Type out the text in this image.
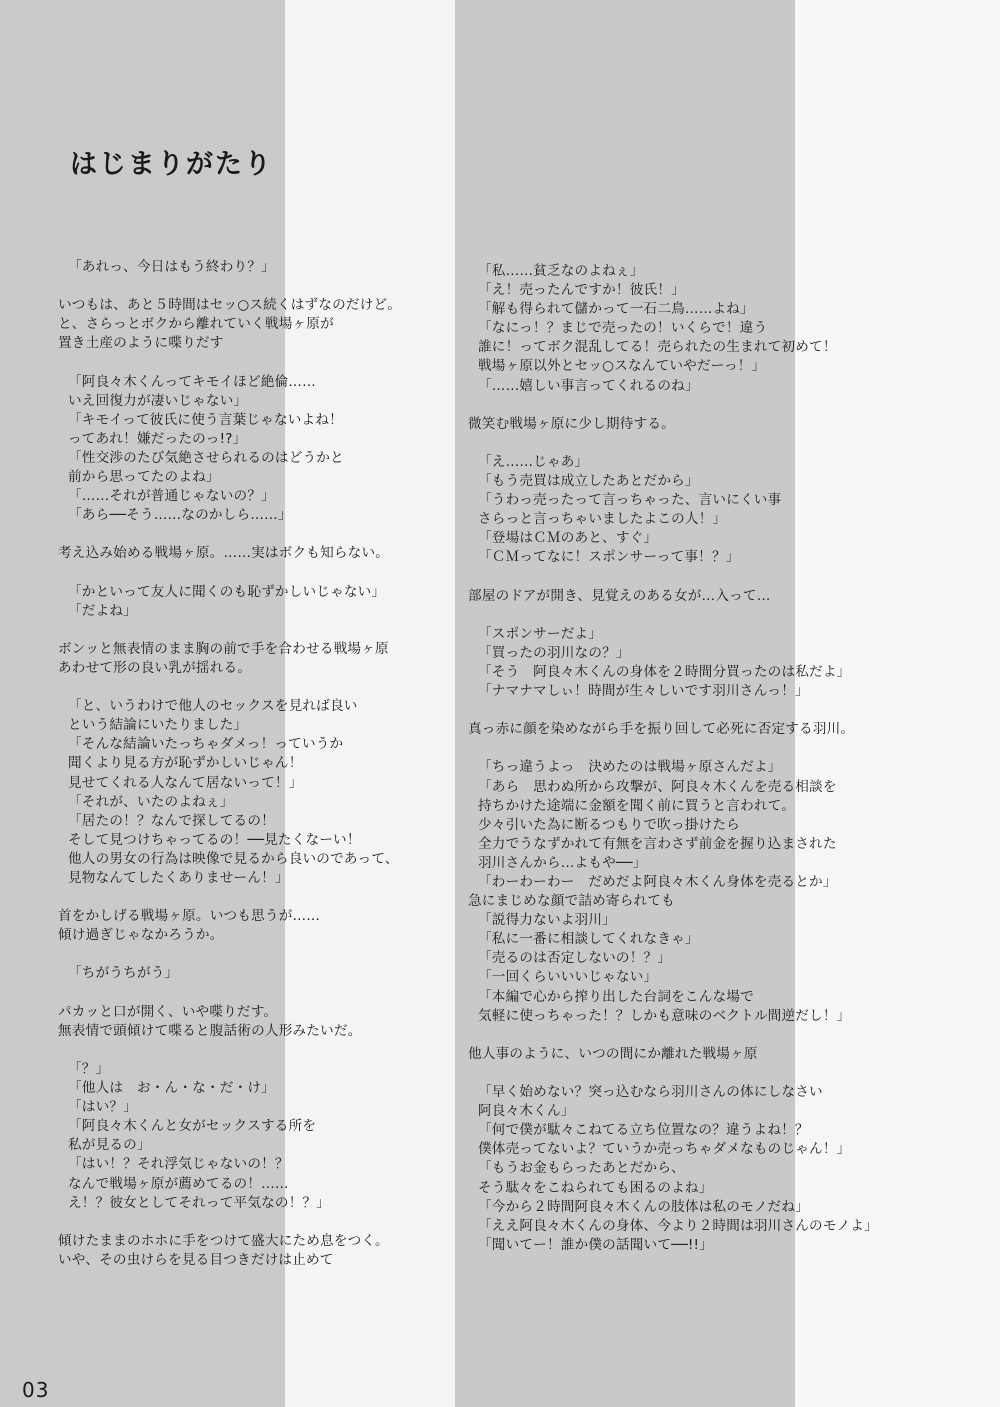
はじまりがたり
「あれっ、今日はもう終わり？」
いつもは、あと５時間はセッ○ス続くはずなのだけど。
と、さらっとボクから離れていく戦場ヶ原が
置き土産のように喋りだす
「阿良々木くんってキモイほど絶倫……
いえ回復力が凄いじゃない」
「キモイって彼氏に使う言葉じゃないよね！
ってあれ！嫌だったのっ!?」
「性交渉のたび気絶させられるのはどうかと
前から思ってたのよね」
「……それが普通じゃないの？」
「あら──そう……なのかしら……」
考え込み始める戦場ヶ原。……実はボクも知らない。
「かといって友人に聞くのも恥ずかしいじゃない」
「だよね」
ボンッと無表情のまま胸の前で手を合わせる戦場ヶ原
あわせて形の良い乳が揺れる。
「と、いうわけで他人のセックスを見れば良い
という結論にいたりました」
「そんな結論いたっちゃダメっ！っていうか
聞くより見る方が恥ずかしいじゃん！
見せてくれる人なんて居ないって！」
「それが、いたのよねぇ」
「居たの！？なんで探してるの！
そして見つけちゃってるの！──見たくなーい！
他人の男女の行為は映像で見るから良いのであって、
見物なんてしたくありませーん！」
首をかしげる戦場ヶ原。いつも思うが……
傾け過ぎじゃなかろうか。
「ちがうちがう」
パカッと口が開く、いや喋りだす。
無表情で頭傾けて喋ると腹話術の人形みたいだ。
「？」
「他人は　お・ん・な・だ・け」
「はい？」
「阿良々木くんと女がセックスする所を
私が見るの」
「はい！？それ浮気じゃないの！？
なんで戦場ヶ原が薦めてるの！……
え！？彼女としてそれって平気なの！？」
傾けたままのホホに手をつけて盛大にため息をつく。
いや、その虫けらを見る目つきだけは止めて
「私……貧乏なのよねぇ」
「え！売ったんですか！彼氏！」
「解も得られて儲かって一石二鳥……よね」
「なにっ！？まじで売ったの！いくらで！違う
誰に！ってボク混乱してる！売られたの生まれて初めて！
戦場ヶ原以外とセッ○スなんていやだーっ！」
「……嬉しい事言ってくれるのね」
微笑む戦場ヶ原に少し期待する。
「え……じゃあ」
「もう売買は成立したあとだから」
「うわっ売ったって言っちゃった、言いにくい事
さらっと言っちゃいましたよこの人！」
「登場はＣＭのあと、すぐ」
「ＣＭってなに！スポンサーって事！？」
部屋のドアが開き、見覚えのある女が…入って…
「スポンサーだよ」
「買ったの羽川なの？」
「そう　阿良々木くんの身体を２時間分買ったのは私だよ」
「ナマナマしぃ！時間が生々しいです羽川さんっ！」
真っ赤に顔を染めながら手を振り回して必死に否定する羽川。
「ちっ違うよっ　決めたのは戦場ヶ原さんだよ」
「あら　思わぬ所から攻撃が、阿良々木くんを売る相談を
持ちかけた途端に金額を聞く前に買うと言われて。
少々引いた為に断るつもりで吹っ掛けたら
全力でうなずかれて有無を言わさず前金を握り込まされた
羽川さんから…よもや──」
「わーわーわー　だめだよ阿良々木くん身体を売るとか」
急にまじめな顔で詰め寄られても
「説得力ないよ羽川」
「私に一番に相談してくれなきゃ」
「売るのは否定しないの！？」
「一回くらいいいじゃない」
「本編で心から搾り出した台詞をこんな場で
気軽に使っちゃった！？しかも意味のベクトル間逆だし！」
他人事のように、いつの間にか離れた戦場ヶ原
「早く始めない？突っ込むなら羽川さんの体にしなさい
阿良々木くん」
「何で僕が駄々こねてる立ち位置なの？違うよね！？
僕体売ってないよ？ていうか売っちゃダメなものじゃん！」
「もうお金もらったあとだから、
そう駄々をこねられても困るのよね」
「今から２時間阿良々木くんの肢体は私のモノだね」
「ええ阿良々木くんの身体、今より２時間は羽川さんのモノよ」
「聞いてー！誰か僕の話聞いて──!!」
03
